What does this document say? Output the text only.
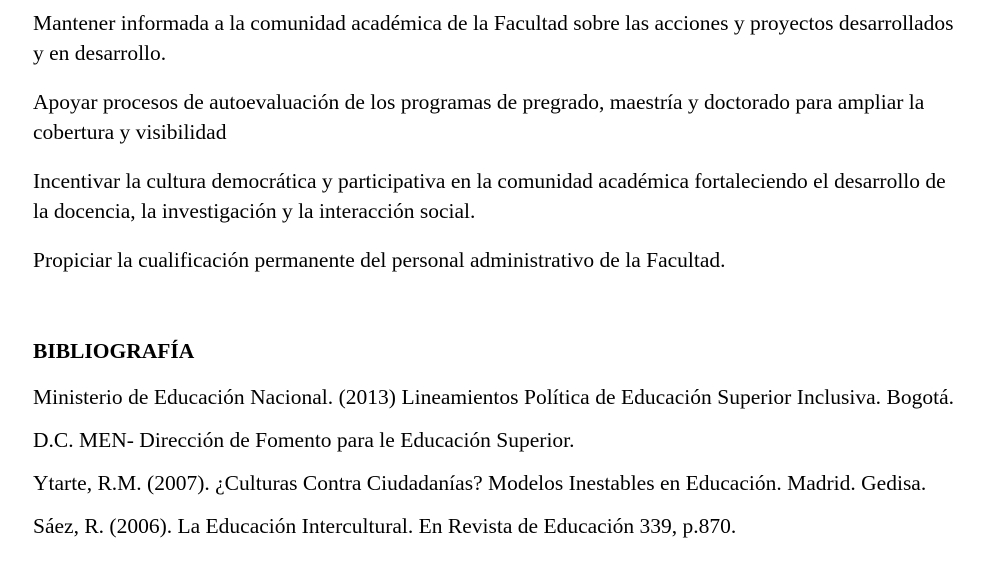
Mantener informada a la comunidad académica de la Facultad sobre las acciones y proyectos desarrollados y en desarrollo.

Apoyar procesos de autoevaluación de los programas de pregrado, maestría y doctorado para ampliar la cobertura y visibilidad

Incentivar la cultura democrática y participativa en la comunidad académica fortaleciendo el desarrollo de la docencia, la investigación y la interacción social.

Propiciar la cualificación permanente del personal administrativo de la Facultad.

BIBLIOGRAFÍA

Ministerio de Educación Nacional. (2013) Lineamientos Política de Educación Superior Inclusiva. Bogotá. D.C. MEN- Dirección de Fomento para le Educación Superior.

Ytarte, R.M. (2007). ¿Culturas Contra Ciudadanías? Modelos Inestables en Educación. Madrid. Gedisa.

Sáez, R. (2006). La Educación Intercultural. En Revista de Educación 339, p.870.
